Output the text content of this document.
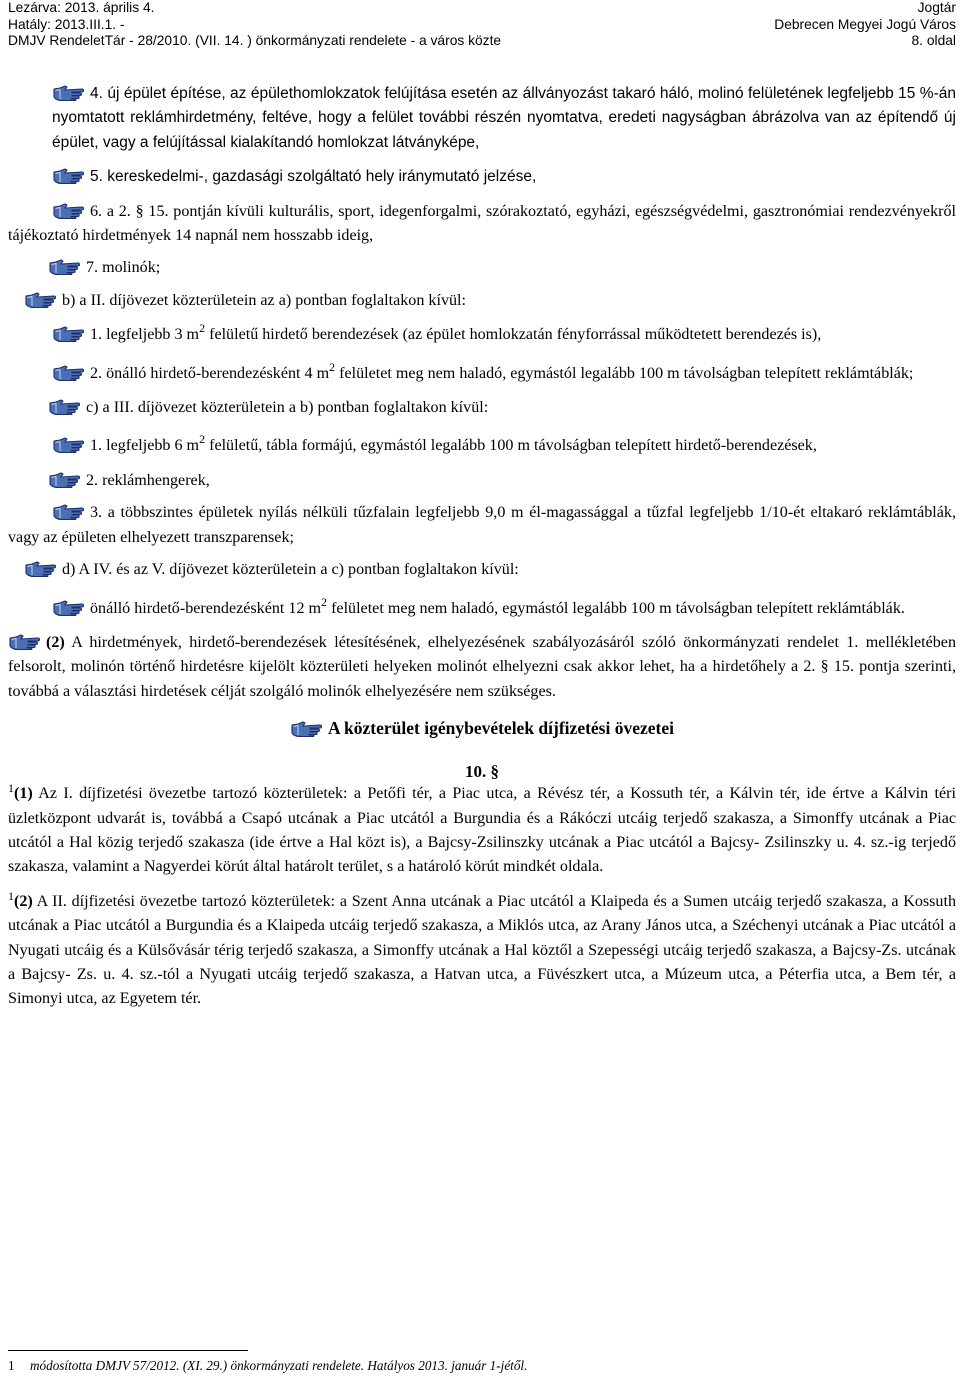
Lezárva: 2013. április 4.
Hatály: 2013.III.1. -
DMJV RendeletTár - 28/2010. (VII. 14. ) önkormányzati rendelete - a város közte
Jogtár
Debrecen Megyei Jogú Város
8. oldal

4. új épület építése, az épülethomlokzatok felújítása esetén az állványozást takaró háló, molinó felületének legfeljebb 15 %-án nyomtatott reklámhirdetmény, feltéve, hogy a felület további részén nyomtatva, eredeti nagyságban ábrázolva van az építendő új épület, vagy a felújítással kialakítandó homlokzat látványképe,

5. kereskedelmi-, gazdasági szolgáltató hely iránymutató jelzése,

6. a 2. § 15. pontján kívüli kulturális, sport, idegenforgalmi, szórakoztató, egyházi, egészségvédelmi, gasztronómiai rendezvényekről tájékoztató hirdetmények 14 napnál nem hosszabb ideig,

7. molinók;

b) a II. díjövezet közterületein az a) pontban foglaltakon kívül:

1. legfeljebb 3 $m^2$ felületű hirdető berendezések (az épület homlokzatán fényforrással működtetett berendezés is),

2. önálló hirdető-berendezésként 4 $m^2$ felületet meg nem haladó, egymástól legalább 100 m távolságban telepített reklámtáblák;

c) a III. díjövezet közterületein a b) pontban foglaltakon kívül:

1. legfeljebb 6 $m^2$ felületű, tábla formájú, egymástól legalább 100 m távolságban telepített hirdető-berendezések,

2. reklámhengerek,

3. a többszintes épületek nyílás nélküli tűzfalain legfeljebb 9,0 m él-magassággal a tűzfal legfeljebb 1/10-ét eltakaró reklámtáblák, vagy az épületen elhelyezett transzparensek;

d) A IV. és az V. díjövezet közterületein a c) pontban foglaltakon kívül:

önálló hirdető-berendezésként 12 $m^2$ felületet meg nem haladó, egymástól legalább 100 m távolságban telepített reklámtáblák.

(2) A hirdetmények, hirdető-berendezések létesítésének, elhelyezésének szabályozásáról szóló önkormányzati rendelet 1. mellékletében felsorolt, molinón történő hirdetésre kijelölt közterületi helyeken molinót elhelyezni csak akkor lehet, ha a hirdetőhely a 2. § 15. pontja szerinti, továbbá a választási hirdetések célját szolgáló molinók elhelyezésére nem szükséges.

A közterület igénybevételek díjfizetési övezetei

10. §

$^1$(1) Az I. díjfizetési övezetbe tartozó közterületek: a Petőfi tér, a Piac utca, a Révész tér, a Kossuth tér, a Kálvin tér, ide értve a Kálvin téri üzletközpont udvarát is, továbbá a Csapó utcának a Piac utcától a Burgundia és a Rákóczi utcáig terjedő szakasza, a Simonffy utcának a Piac utcától a Hal közig terjedő szakasza (ide értve a Hal közt is), a Bajcsy-Zsilinszky utcának a Piac utcától a Bajcsy- Zsilinszky u. 4. sz.-ig terjedő szakasza, valamint a Nagyerdei körút által határolt terület, s a határoló körút mindkét oldala.

$^1$(2) A II. díjfizetési övezetbe tartozó közterületek: a Szent Anna utcának a Piac utcától a Klaipeda és a Sumen utcáig terjedő szakasza, a Kossuth utcának a Piac utcától a Burgundia és a Klaipeda utcáig terjedő szakasza, a Miklós utca, az Arany János utca, a Széchenyi utcának a Piac utcától a Nyugati utcáig és a Külsővásár térig terjedő szakasza, a Simonffy utcának a Hal köztől a Szepességi utcáig terjedő szakasza, a Bajcsy-Zs. utcának a Bajcsy- Zs. u. 4. sz.-tól a Nyugati utcáig terjedő szakasza, a Hatvan utca, a Füvészkert utca, a Múzeum utca, a Péterfia utca, a Bem tér, a Simonyi utca, az Egyetem tér.

1 módosította DMJV 57/2012. (XI. 29.) önkormányzati rendelete. Hatályos 2013. január 1-jétől.
